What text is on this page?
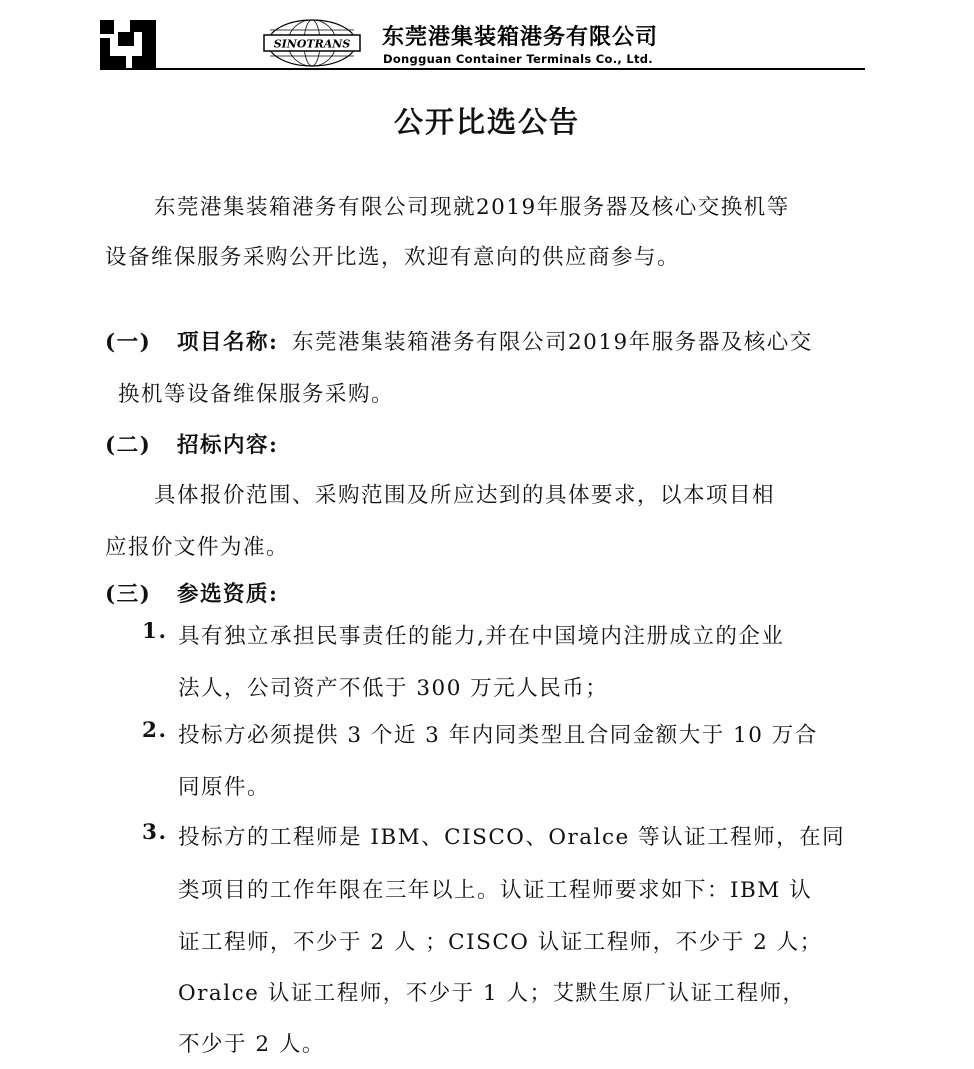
SINOTRANS 东莞港集装箱港务有限公司
Dongguan Container Terminals Co., Ltd.
公开比选公告
东莞港集装箱港务有限公司现就2019年服务器及核心交换机等
设备维保服务采购公开比选，欢迎有意向的供应商参与。
(一) 项目名称: 东莞港集装箱港务有限公司2019年服务器及核心交
换机等设备维保服务采购。
(二) 招标内容:
具体报价范围、采购范围及所应达到的具体要求，以本项目相
应报价文件为准。
(三) 参选资质:
1. 具有独立承担民事责任的能力,并在中国境内注册成立的企业
法人，公司资产不低于 300 万元人民币；
2. 投标方必须提供 3 个近 3 年内同类型且合同金额大于 10 万合
同原件。
3. 投标方的工程师是 IBM、CISCO、Oralce 等认证工程师，在同
类项目的工作年限在三年以上。认证工程师要求如下：IBM 认
证工程师，不少于 2 人 ；CISCO 认证工程师，不少于 2 人；
Oralce 认证工程师，不少于 1 人；艾默生原厂认证工程师，
不少于 2 人。
